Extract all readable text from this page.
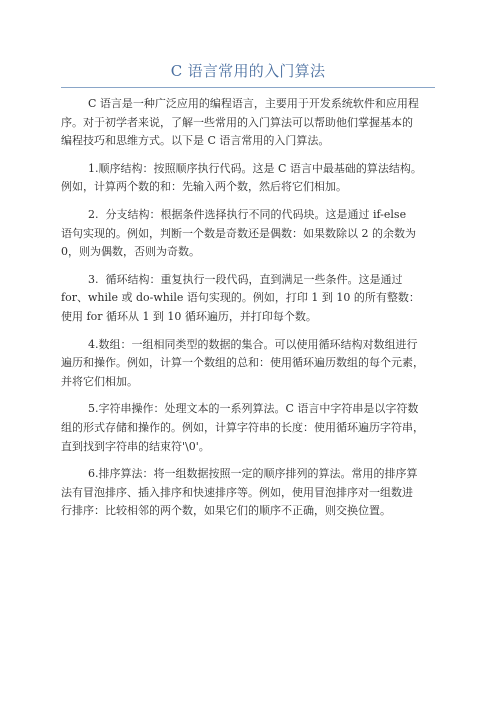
C 语言常用的入门算法
C 语言是一种广泛应用的编程语言，主要用于开发系统软件和应用程
序。对于初学者来说，了解一些常用的入门算法可以帮助他们掌握基本的
编程技巧和思维方式。以下是 C 语言常用的入门算法。
1.顺序结构：按照顺序执行代码。这是 C 语言中最基础的算法结构。
例如，计算两个数的和：先输入两个数，然后将它们相加。
2.  分支结构：根据条件选择执行不同的代码块。这是通过 if-else
语句实现的。例如，判断一个数是奇数还是偶数：如果数除以 2 的余数为
0，则为偶数，否则为奇数。
3.  循环结构：重复执行一段代码，直到满足一些条件。这是通过
for、while 或 do-while 语句实现的。例如，打印 1 到 10 的所有整数：
使用 for 循环从 1 到 10 循环遍历，并打印每个数。
4.数组：一组相同类型的数据的集合。可以使用循环结构对数组进行
遍历和操作。例如，计算一个数组的总和：使用循环遍历数组的每个元素，
并将它们相加。
5.字符串操作：处理文本的一系列算法。C 语言中字符串是以字符数
组的形式存储和操作的。例如，计算字符串的长度：使用循环遍历字符串，
直到找到字符串的结束符'\0'。
6.排序算法：将一组数据按照一定的顺序排列的算法。常用的排序算
法有冒泡排序、插入排序和快速排序等。例如，使用冒泡排序对一组数进
行排序：比较相邻的两个数，如果它们的顺序不正确，则交换位置。
